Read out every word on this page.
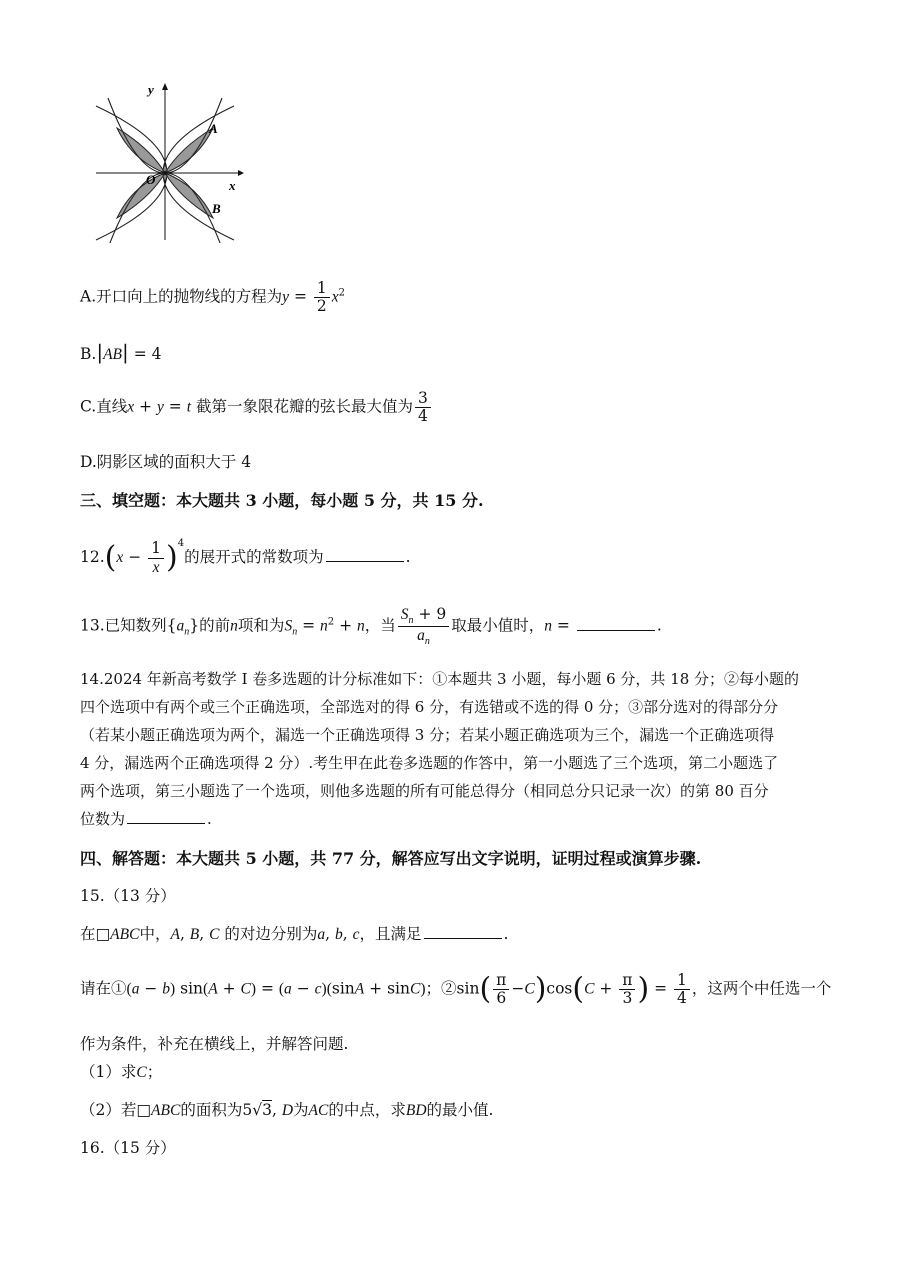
y
x
O
A
B
A.开口向上的抛物线的方程为$y = \frac{1}{2} x^2$
B.|AB| = 4
C.直线x + y = t 截第一象限花瓣的弦长最大值为 $\frac{3}{4}$
D.阴影区域的面积大于 4
三、填空题：本大题共 3 小题，每小题 5 分，共 15 分.
$12.(x - \frac{1}{x} )^4$的展开式的常数项为	.
13.已知数列$\{a_n\}$的前n项和为$S_n = n^2 + n$，当 $\frac{S_n + 9}{a_n}$ 取最小值时，n =	.
14.2024 年新高考数学 I 卷多选题的计分标准如下：①本题共 3 小题，每小题 6 分，共 18 分；②每小题的
四个选项中有两个或三个正确选项，全部选对的得 6 分，有选错或不选的得 0 分；③部分选对的得部分分
（若某小题正确选项为两个，漏选一个正确选项得 3 分；若某小题正确选项为三个，漏选一个正确选项得
4 分，漏选两个正确选项得 2 分）.考生甲在此卷多选题的作答中，第一小题选了三个选项，第二小题选了
两个选项，第三小题选了一个选项，则他多选题的所有可能总得分（相同总分只记录一次）的第 80 百分
位数为	.
四、解答题：本大题共 5 小题，共 77 分，解答应写出文字说明，证明过程或演算步骤.
15.（13 分）
在□ABC中，A, B, C 的对边分别为a, b, c，且满足	.
请在①(a − b) sin(A + C) = (a − c)(sinA + sinC)；②sin( $\frac{\pi}{6} -C)\cos(C + \frac{\pi}{3}$ ) = $\frac{1}{4}$ ，这两个中任选一个
作为条件，补充在横线上，并解答问题.
（1）求C；
（2）若□ABC的面积为5√3, D为AC的中点，求BD的最小值.
16.（15 分）
